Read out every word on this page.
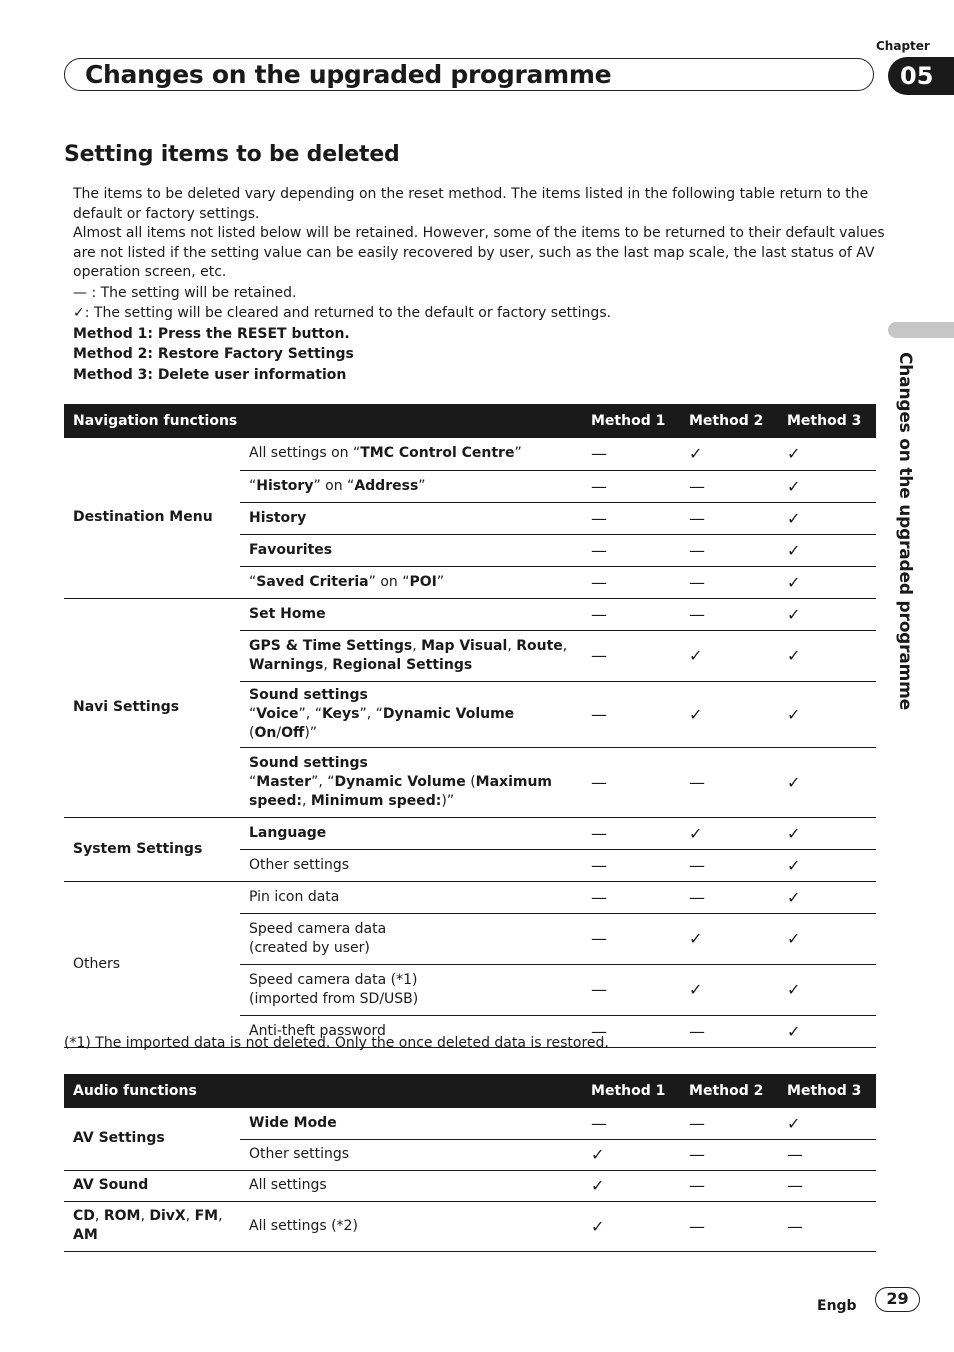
Chapter
Changes on the upgraded programme	05
Changes on the upgraded programme
Setting items to be deleted

The items to be deleted vary depending on the reset method. The items listed in the following table return to the default or factory settings.

Almost all items not listed below will be retained. However, some of the items to be returned to their default values are not listed if the setting value can be easily recovered by user, such as the last map scale, the last status of AV operation screen, etc.

— : The setting will be retained.

✓: The setting will be cleared and returned to the default or factory settings.

Method 1: Press the RESET button.

Method 2: Restore Factory Settings

Method 3: Delete user information

Navigation functions		Method 1	Method 2	Method 3
Destination Menu	All settings on “TMC Control Centre”	—	✓	✓
	“History” on “Address”	—	—	✓
	History	—	—	✓
	Favourites	—	—	✓
	“Saved Criteria” on “POI”	—	—	✓
Navi Settings	Set Home	—	—	✓
	GPS & Time Settings, Map Visual, Route,
Warnings, Regional Settings	—	✓	✓
	Sound settings
“Voice”, “Keys”, “Dynamic Volume (On/Off)”	—	✓	✓
	Sound settings
“Master”, “Dynamic Volume (Maximum speed:, Minimum speed:)”	—	—	✓
System Settings	Language	—	✓	✓
	Other settings	—	—	✓
Others	Pin icon data	—	—	✓
	Speed camera data
(created by user)	—	✓	✓
	Speed camera data (*1)
(imported from SD/USB)	—	✓	✓
	Anti-theft password	—	—	✓
(*1) The imported data is not deleted. Only the once deleted data is restored.
Audio functions		Method 1	Method 2	Method 3
AV Settings	Wide Mode	—	—	✓
	Other settings	✓	—	—
AV Sound	All settings	✓	—	—
CD, ROM, DivX, FM,
AM	All settings (*2)	✓	—	—
Engb	29
